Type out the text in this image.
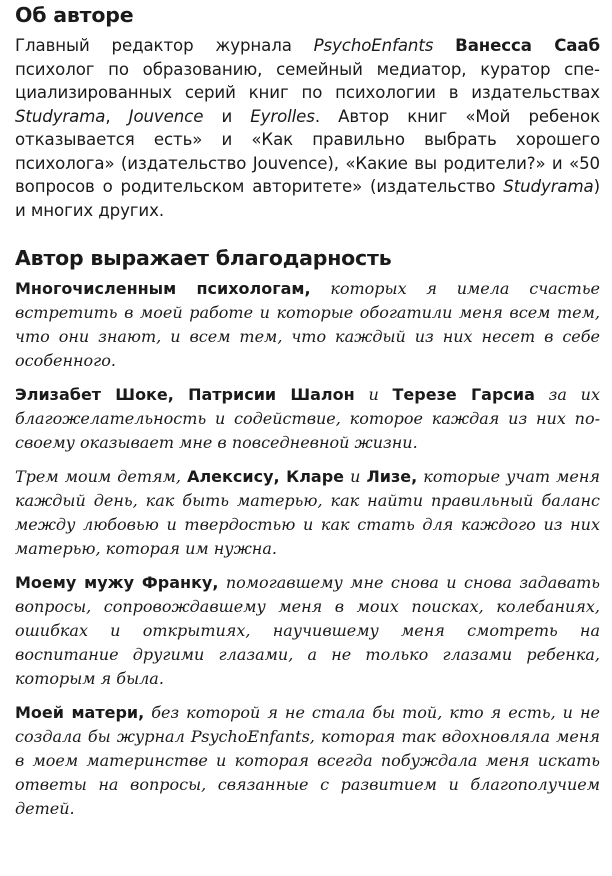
Об авторе

Главный редактор журнала PsychoEnfants Ванесса Сааб психолог по образованию, семейный медиатор, куратор специализированных серий книг по психологии в издательствах Studyrama, Jouvence и Eyrolles. Автор книг «Мой ребенок отказывается есть» и «Как правильно выбрать хорошего психолога» (издательство Jouvence), «Какие вы родители?» и «50 вопросов о родительском авторитете» (издательство Studyrama) и многих других.

Автор выражает благодарность

Многочисленным психологам, которых я имела счастье встретить в моей работе и которые обогатили меня всем тем, что они знают, и всем тем, что каждый из них несет в себе особенного.

Элизабет Шоке, Патрисии Шалон и Терезе Гарсиа за их благожелательность и содействие, которое каждая из них по-своему оказывает мне в повседневной жизни.

Трем моим детям, Алексису, Кларе и Лизе, которые учат меня каждый день, как быть матерью, как найти правильный баланс между любовью и твердостью и как стать для каждого из них матерью, которая им нужна.

Моему мужу Франку, помогавшему мне снова и снова задавать вопросы, сопровождавшему меня в моих поисках, колебаниях, ошибках и открытиях, научившему меня смотреть на воспитание другими глазами, а не только глазами ребенка, которым я была.

Моей матери, без которой я не стала бы той, кто я есть, и не создала бы журнал PsychoEnfants, которая так вдохновляла меня в моем материнстве и которая всегда побуждала меня искать ответы на вопросы, связанные с развитием и благополучием детей.
